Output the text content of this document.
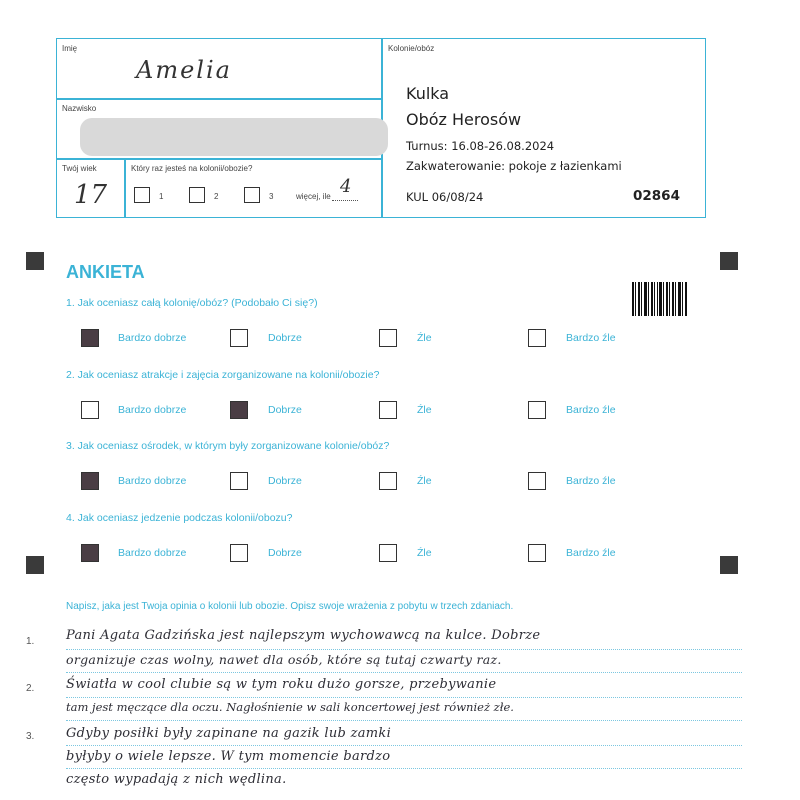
Imię
Amelia
Nazwisko
Twój wiek
17
Który raz jesteś na kolonii/obozie?
1	2	3	więcej, ile 4
Kolonie/obóz
Kulka
Obóz Herosów
Turnus: 16.08-26.08.2024
Zakwaterowanie: pokoje z łazienkami
KUL 06/08/24	02864
ANKIETA
1. Jak oceniasz całą kolonię/obóz? (Podobało Ci się?)
Bardzo dobrze	Dobrze	Źle	Bardzo źle
2. Jak oceniasz atrakcje i zajęcia zorganizowane na kolonii/obozie?
Bardzo dobrze	Dobrze	Źle	Bardzo źle
3. Jak oceniasz ośrodek, w którym były zorganizowane kolonie/obóz?
Bardzo dobrze	Dobrze	Źle	Bardzo źle
4. Jak oceniasz jedzenie podczas kolonii/obozu?
Bardzo dobrze	Dobrze	Źle	Bardzo źle
Napisz, jaka jest Twoja opinia o kolonii lub obozie. Opisz swoje wrażenia z pobytu w trzech zdaniach.
1.
2.
3.
Pani Agata Gadzińska jest najlepszym wychowawcą na kulce. Dobrze
organizuje czas wolny, nawet dla osób, które są tutaj czwarty raz.
Światła w cool clubie są w tym roku dużo gorsze, przebywanie
tam jest męczące dla oczu. Nagłośnienie w sali koncertowej jest również złe.
Gdyby posiłki były zapinane na gazik lub zamki
byłyby o wiele lepsze. W tym momencie bardzo
często wypadają z nich wędlina.
